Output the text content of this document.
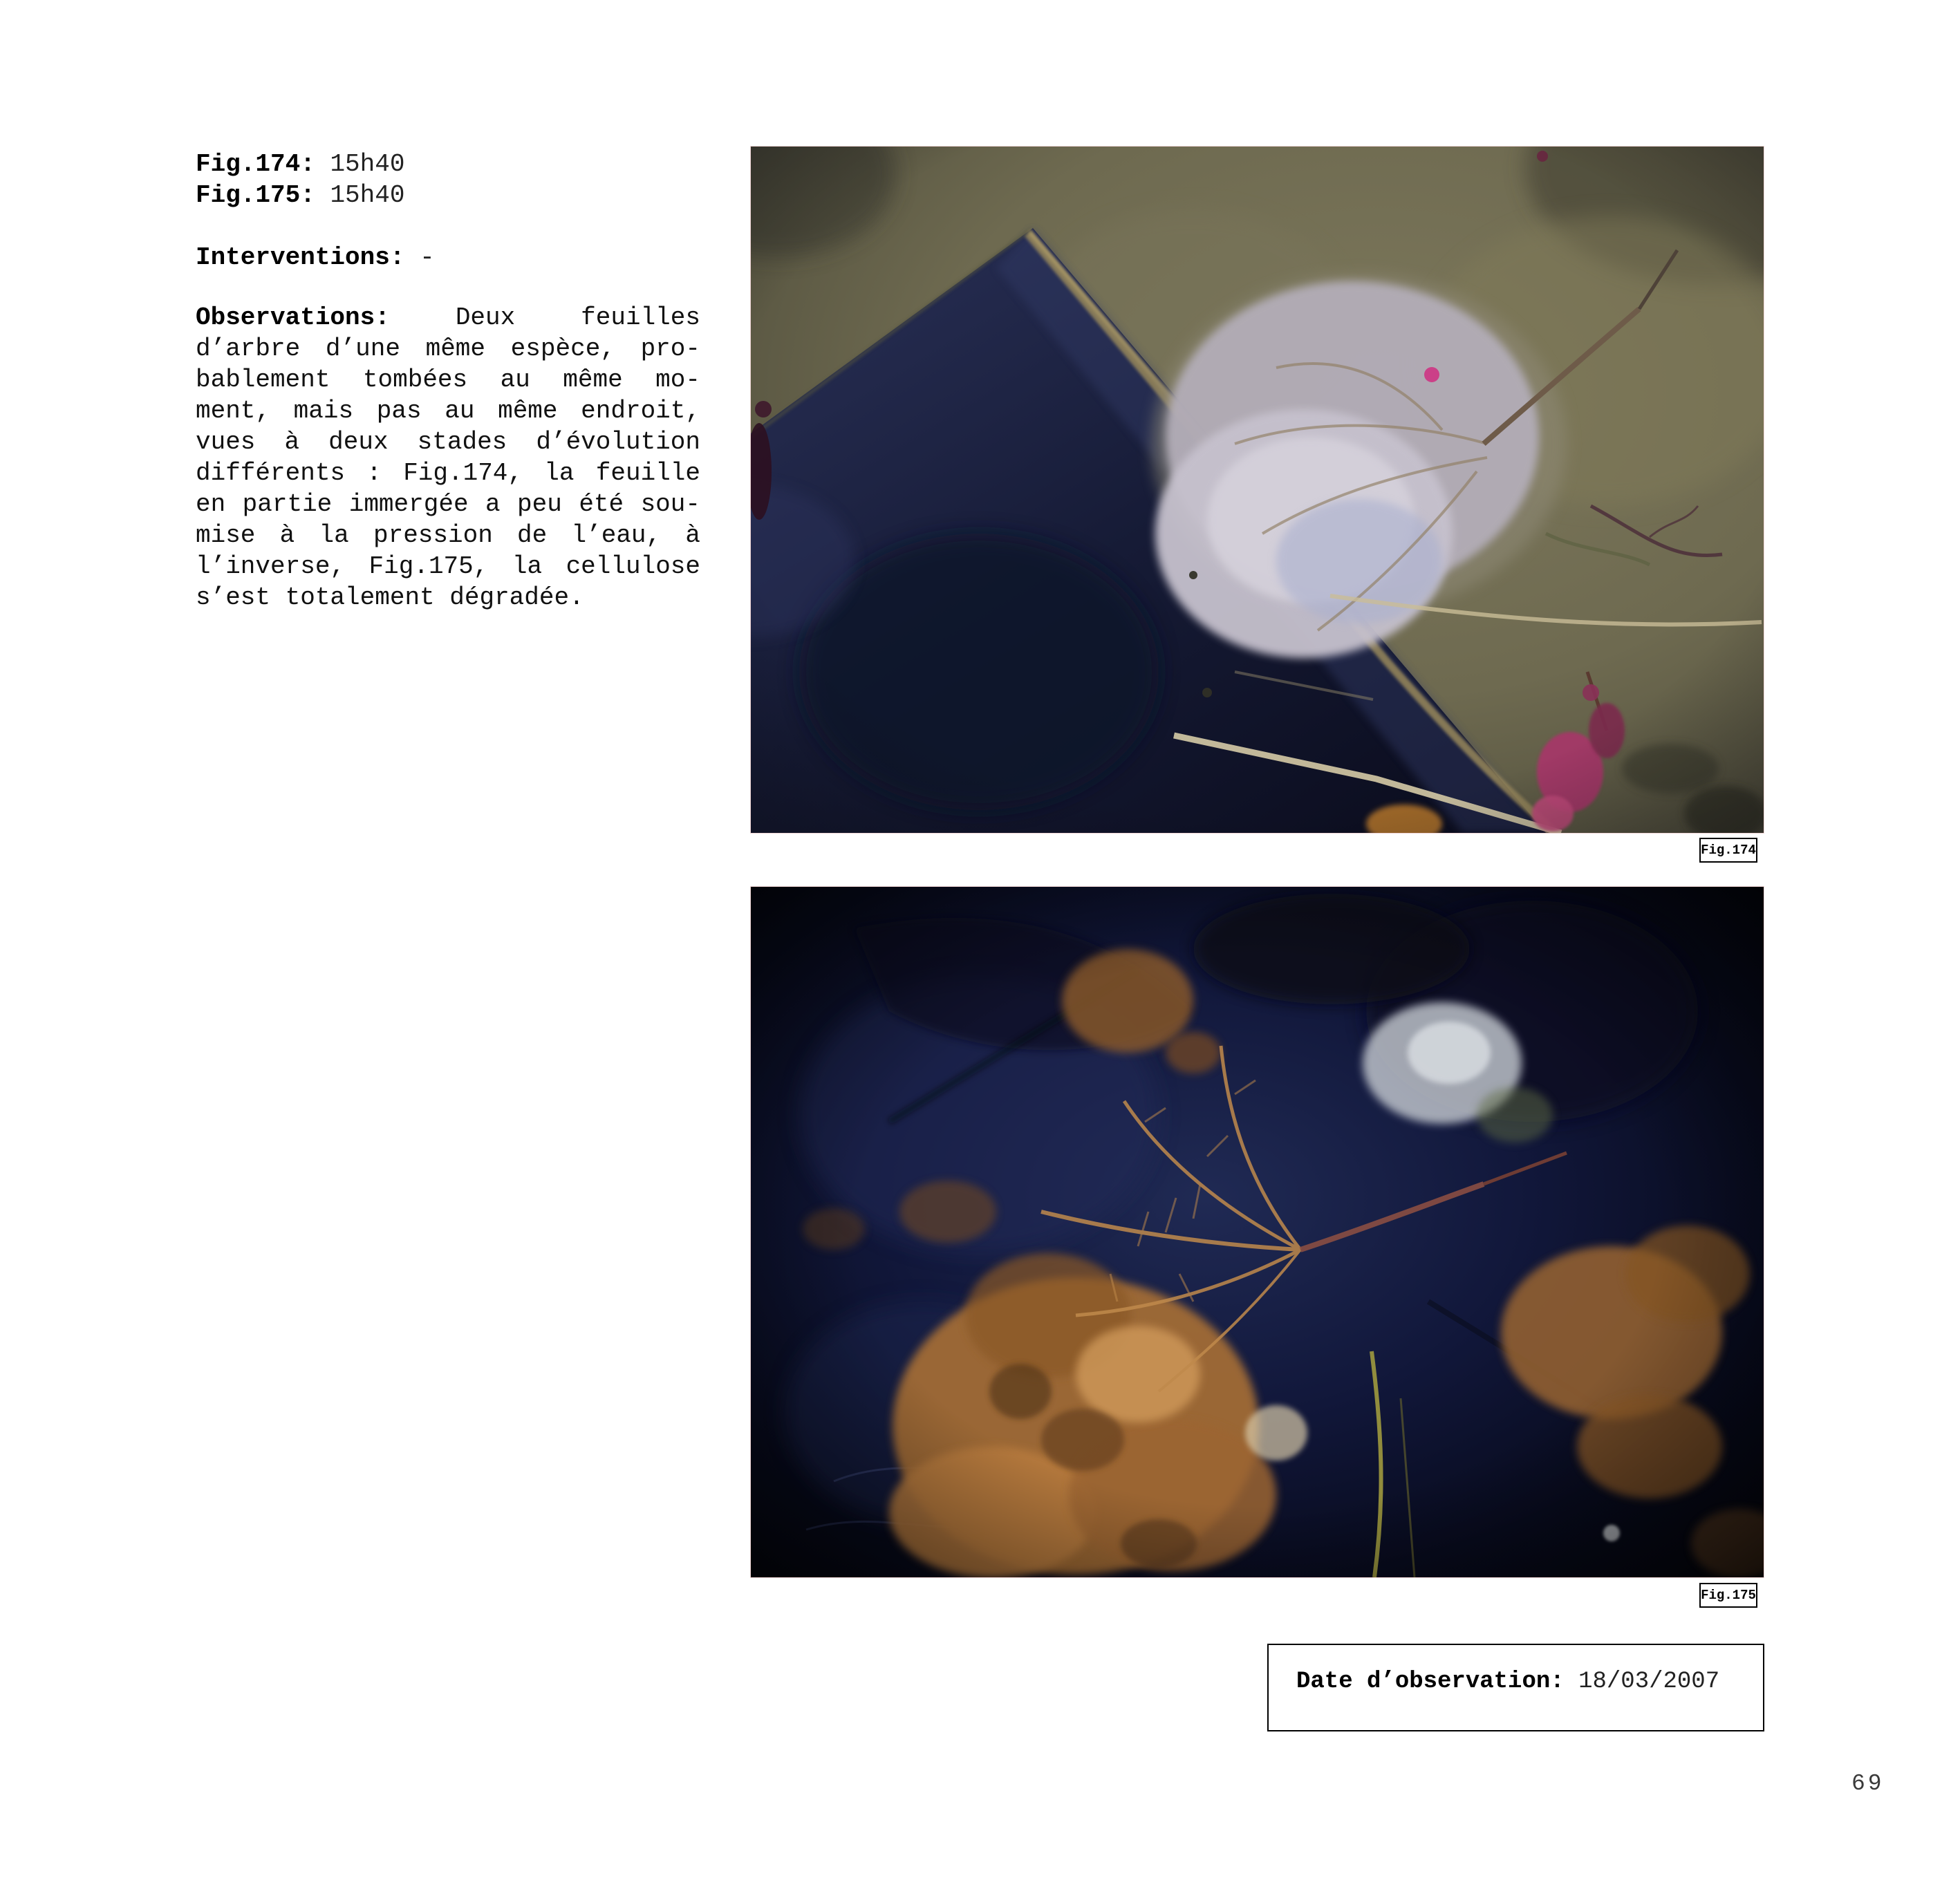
Fig.174: 15h40
Fig.175: 15h40
Interventions: -
Observations:	Deux feuilles
d’arbre d’une même espèce, pro-
bablement tombées au même mo-
ment, mais pas au même endroit,
vues à deux stades d’évolution
différents : Fig.174, la feuille
en partie immergée a peu été sou-
mise à la pression de l’eau, à
l’inverse, Fig.175, la cellulose
s’est totalement dégradée.
Fig.174
Fig.175
Date d’observation: 18/03/2007
69
